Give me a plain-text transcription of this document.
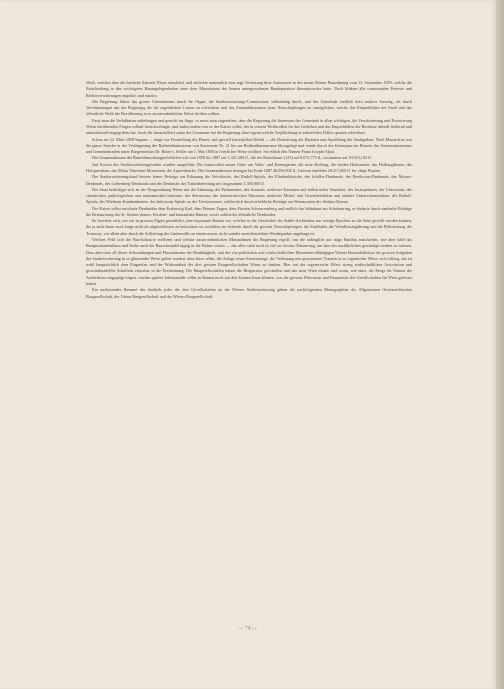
Werk, welches über die bauliche Zukunft Wiens entschied, und erblickte namentlich eine arge Verletzung ihrer Autonomie in der neuen Wiener Bauordnung vom 13. September 1859, welche die Entscheidung in den wichtigsten Bauangelegenheiten einer dem Ministerium des Innern untergeordneten Baudeputation überantwortete hatte. Doch blieben alle communalen Proteste und Rechtsverwahrungen ungehört und nutzlos.

Die Regierung führte das grosse Unternehmen durch ihr Organ, die Stadterweiterungs-Commission, selbständig durch, und der Gemeinde verblieb kein anderer Ausweg, als durch Vereinbarungen mit der Regierung die ihr zugefallenen Lasten zu erleichtern und das Zustandekommen jener Neuschöpfungen zu ermöglichen, welche das Emporblühen der Stadt und das öffentliche Wohl der Bevölkerung in so ausserordentlicher Weise fördern sollten.

Fasst man die Verhältnisse unbefangen und gerecht ins Auge, so muss man zugestehen, dass die Regierung die Interessen der Gemeinde in allen wichtigen, die Verschönerung und Erweiterung Wiens berührenden Fragen vollauf berücksichtigte, und insbesondere war es der Kaiser selbst, der in seinem Wohlwollen für das Gedeihen und das Emporblühen der Residenz überall fördernd und unterstützend eingegriffen hat. Auch die finanziellen Lasten der Commune hat die Regierung ohne irgend welche Verpflichtung in zahlreichen Fällen sponten erleichtert.

Schon am 22. März 1858 begann — lange vor Feststellung des Planes, auf speciell kaiserlichen Befehl — die Demolirung der Basteien und Ausfüllung der Stadtgräben. Nach Monatsfrist war die ganze Strecke in der Verlängerung der Rothenthurmstrasse von Kasematte Nr. 21 bis zur Rothenthurmstrasse blossgelegt und wurde durch das Kaiserpaar im Beisein des Staatsministeriums und Gemeinderathes unter Bürgermeister Dr. Ritter v. Seiller am 1. Mai 1858 in feierlicher Weise eröffnet. Sie erhielt den Namen Franz Josephs-Quai.

Die Gesammtkosten der Basteidemolirungen beliefen sich von 1858 bis 1887 auf 1,341,368 fl., die der Basteibauer (125) auf 8,673,775 fl., zusammen auf 10,015,143 fl.

Auf Kosten des Stadterweiterungsfondes wurden ausgeführt: Die kunstvollen neuen Gitter am Volks- und Kaisergarten, die neue Hofburg, die beiden Hofmuseen, das Hofburgtheater, das Hofopernhaus, das Maria Theresien-Monument, die Aspernbrücke. Die Gesammtkosten betrugen bis Ende 1887 46,500,000 fl.; hiervon entfielen 28,317,000 fl. für obige Bauten.

Der Stadterweiterungsfond leistete ferner Beiträge zur Erbauung der Votivkirche, des Rudolf-Spitals, der Elisabethbrücke, des Schiller-Denkmals, des Beethoven-Denkmals, des Mozart-Denkmals, des Liebenberg-Denkmals und des Denkmals der Türkenbefreiung mit insgesammt 1,300,000 fl.

Der Staat betheiligte sich an der Neugestaltung Wiens mit der Erbauung des Parlamentes, des Arsenals, mehrerer Kasernen und militärischer Anstalten, des Justizpalastes, der Universität, des chemischen, pathologischen und anatomischen Institutes, der Sternwarte, des österreichischen Museums, mehrerer Mittel- und Gewerbeschulen und anderer Unterrichtsanstalten, des Rudolf-Spitals, des Wiedener Krankenhauses, des Infections-Spitals an der Triesterstrasse, schliesslich durch erhebliche Beiträge zur Restauration des Stefans-Domes.

Der Kaiser selbst errichtete Denkmäler dem Erzherzog Karl, dem Prinzen Eugen, dem Fürsten Schwarzenberg und endlich das Sühnhaus am Schottenring, er förderte durch namhafte Beiträge die Restaurirung des St. Stefans-domes, Kirchen- und humanitäre Bauten, sowie zahlreiche öffentliche Denkmäler.

So bereitete sich, wie wir in grossen Zügen geschildert, jene imposante Bauära vor, welcher in der Geschichte der Städte-Architektur nur wenige Epochen an die Seite gestellt werden können, die ja auch heute noch lange nicht als abgeschlossen zu betrachten ist, nachdem sie vielmehr durch die grossen Neuschöpfungen, die Stadtbahn, die Wienflussregulirung und die Elektrisirung der Tramway, vor allem aber durch die Schleifung der Linienwälle an einem neuen, nicht minder aussichtsreichen Wendepunkte angelangt ist.

Welches Feld sich der Bau-Industrie eröffnete und welche ausserordentlichen Massnahmen die Regierung ergriff, um die anfänglich nur träge Bauthat anzufachen, wie aber bald das Bauspeculantenthum und leider auch der Bauschwindel üppig in die Halme schoss — das alles steht noch in viel zu frischer Erinnerung, um hier des ausführlichen gewürdigt werden zu müssen. Dass aber trotz all dieser Schwankungen und Fluctuationen der Bauthätigkeit, und der von politischen und wirthschaftlichen Momenten abhängigen Wiener Bauverhältnisse die grossen Aufgaben der Stadterweiterung in so glänzender Weise gelöst wurden, dass diese selbst, die Anlage neuer Strassenzüge, die Verbauung neu gewonnener Terrains in so organischer Weise sich vollzog, das ist wohl hauptsächlich dem Eingreifen und der Wirksamkeit der drei grossen Baugesellschaften Wiens zu danken. Hier trat der segensreiche Effect streng wirthschaftlicher Association und grossindustriellen Schaffens erfassbar in die Erscheinung. Die Baugesellschaften haben die Ringstrasse geschaffen und das neue Wien erbaut, und wenn, wie einst, die Zeugt die Namen der Architekten eingeprägt trägen, würden spätere Jahrtausende selbst in Ruinen noch auf den Steinen lesen können, was die grossen Directoren und Baumeister der Gesellschaften für Wien geleistet haben.

Ein umfassendes Resumé des Antheils jeder der drei Gesellschaften an der Wiener Stadterweiterung geben die nachfolgenden Monographien der Allgemeinen Oesterreichischen Baugesellschaft, der Union-Baugesellschaft und der Wiener Baugesellschaft.

— 74 —
